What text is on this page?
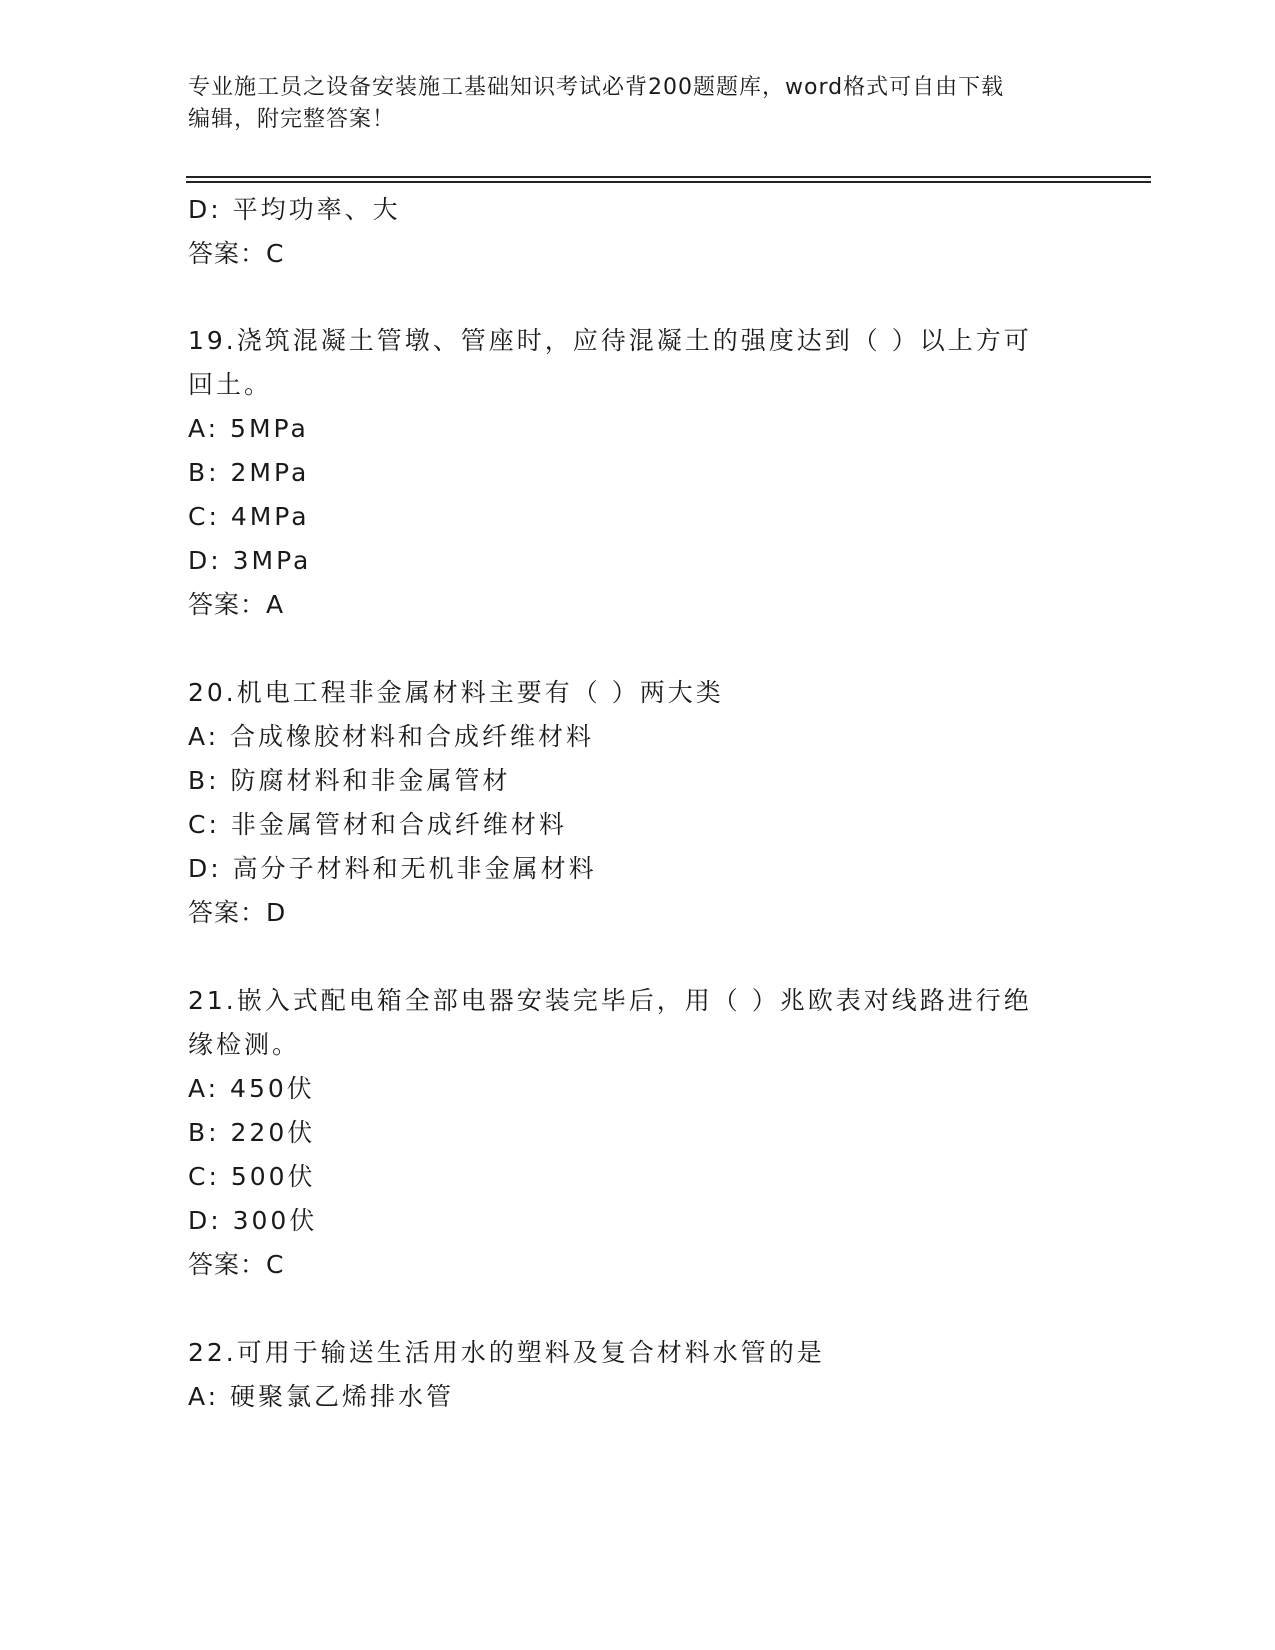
专业施工员之设备安装施工基础知识考试必背200题题库，word格式可自由下载
编辑，附完整答案！
D: 平均功率、大
答案：C
19.浇筑混凝土管墩、管座时，应待混凝土的强度达到（ ）以上方可
回土。
A: 5MPa
B: 2MPa
C: 4MPa
D: 3MPa
答案：A
20.机电工程非金属材料主要有（ ）两大类
A: 合成橡胶材料和合成纤维材料
B: 防腐材料和非金属管材
C: 非金属管材和合成纤维材料
D: 高分子材料和无机非金属材料
答案：D
21.嵌入式配电箱全部电器安装完毕后，用（ ）兆欧表对线路进行绝
缘检测。
A: 450伏
B: 220伏
C: 500伏
D: 300伏
答案：C
22.可用于输送生活用水的塑料及复合材料水管的是
A: 硬聚氯乙烯排水管
